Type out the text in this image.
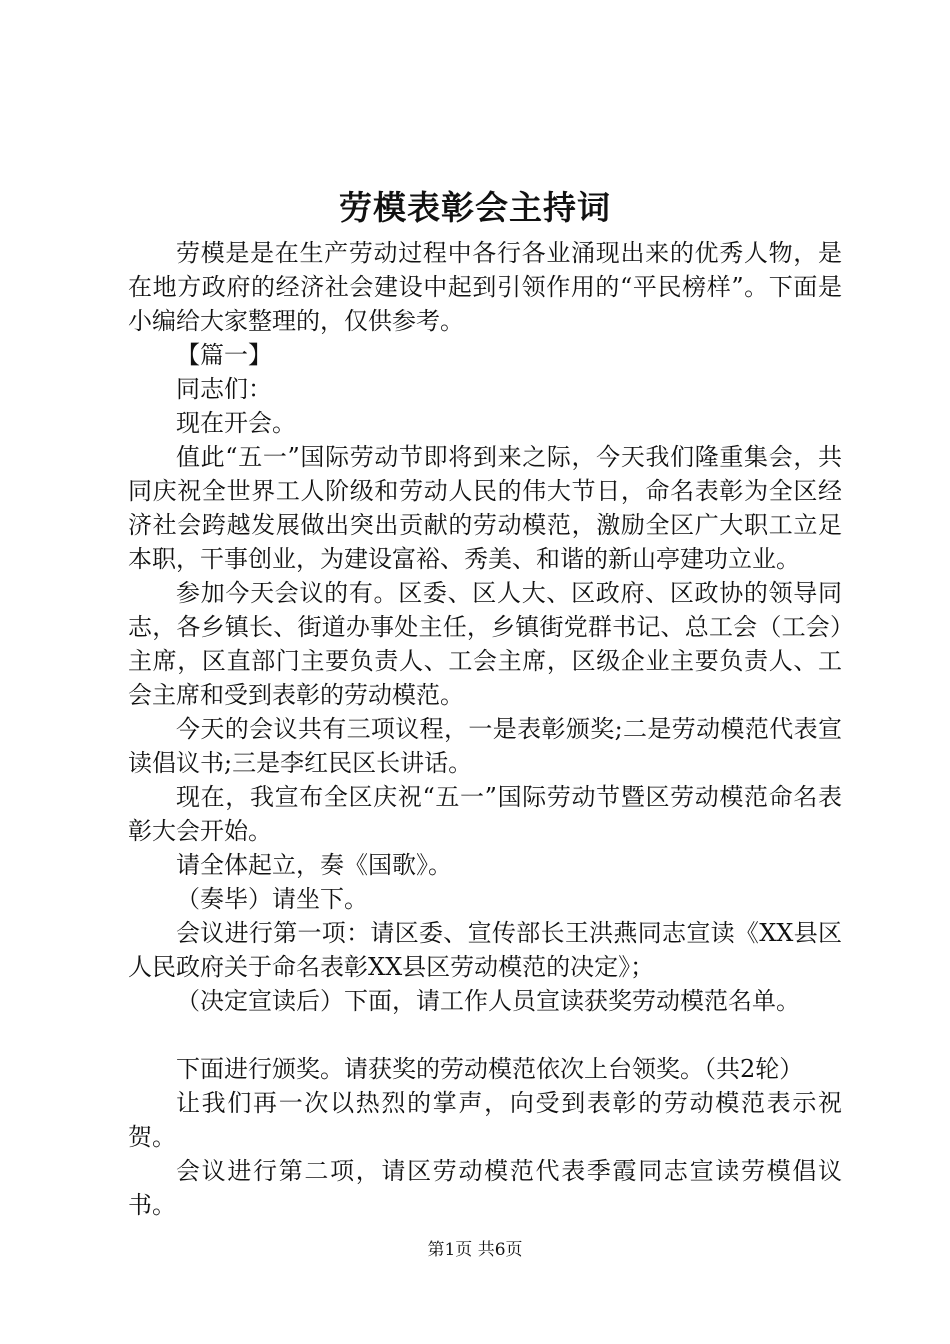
劳模表彰会主持词

劳模是是在生产劳动过程中各行各业涌现出来的优秀人物，是在地方政府的经济社会建设中起到引领作用的“平民榜样”。下面是小编给大家整理的，仅供参考。

【篇一】

同志们：

现在开会。

值此“五一”国际劳动节即将到来之际，今天我们隆重集会，共同庆祝全世界工人阶级和劳动人民的伟大节日，命名表彰为全区经济社会跨越发展做出突出贡献的劳动模范，激励全区广大职工立足本职，干事创业，为建设富裕、秀美、和谐的新山亭建功立业。

参加今天会议的有。区委、区人大、区政府、区政协的领导同志，各乡镇长、街道办事处主任，乡镇街党群书记、总工会（工会）主席，区直部门主要负责人、工会主席，区级企业主要负责人、工会主席和受到表彰的劳动模范。

今天的会议共有三项议程，一是表彰颁奖;二是劳动模范代表宣读倡议书;三是李红民区长讲话。

现在，我宣布全区庆祝“五一”国际劳动节暨区劳动模范命名表彰大会开始。

请全体起立，奏《国歌》。

（奏毕）请坐下。

会议进行第一项：请区委、宣传部长王洪燕同志宣读《XX县区人民政府关于命名表彰XX县区劳动模范的决定》；

（决定宣读后）下面，请工作人员宣读获奖劳动模范名单。

下面进行颁奖。请获奖的劳动模范依次上台领奖。（共2轮）

让我们再一次以热烈的掌声，向受到表彰的劳动模范表示祝贺。

会议进行第二项，请区劳动模范代表季霞同志宣读劳模倡议书。

第1页 共6页
